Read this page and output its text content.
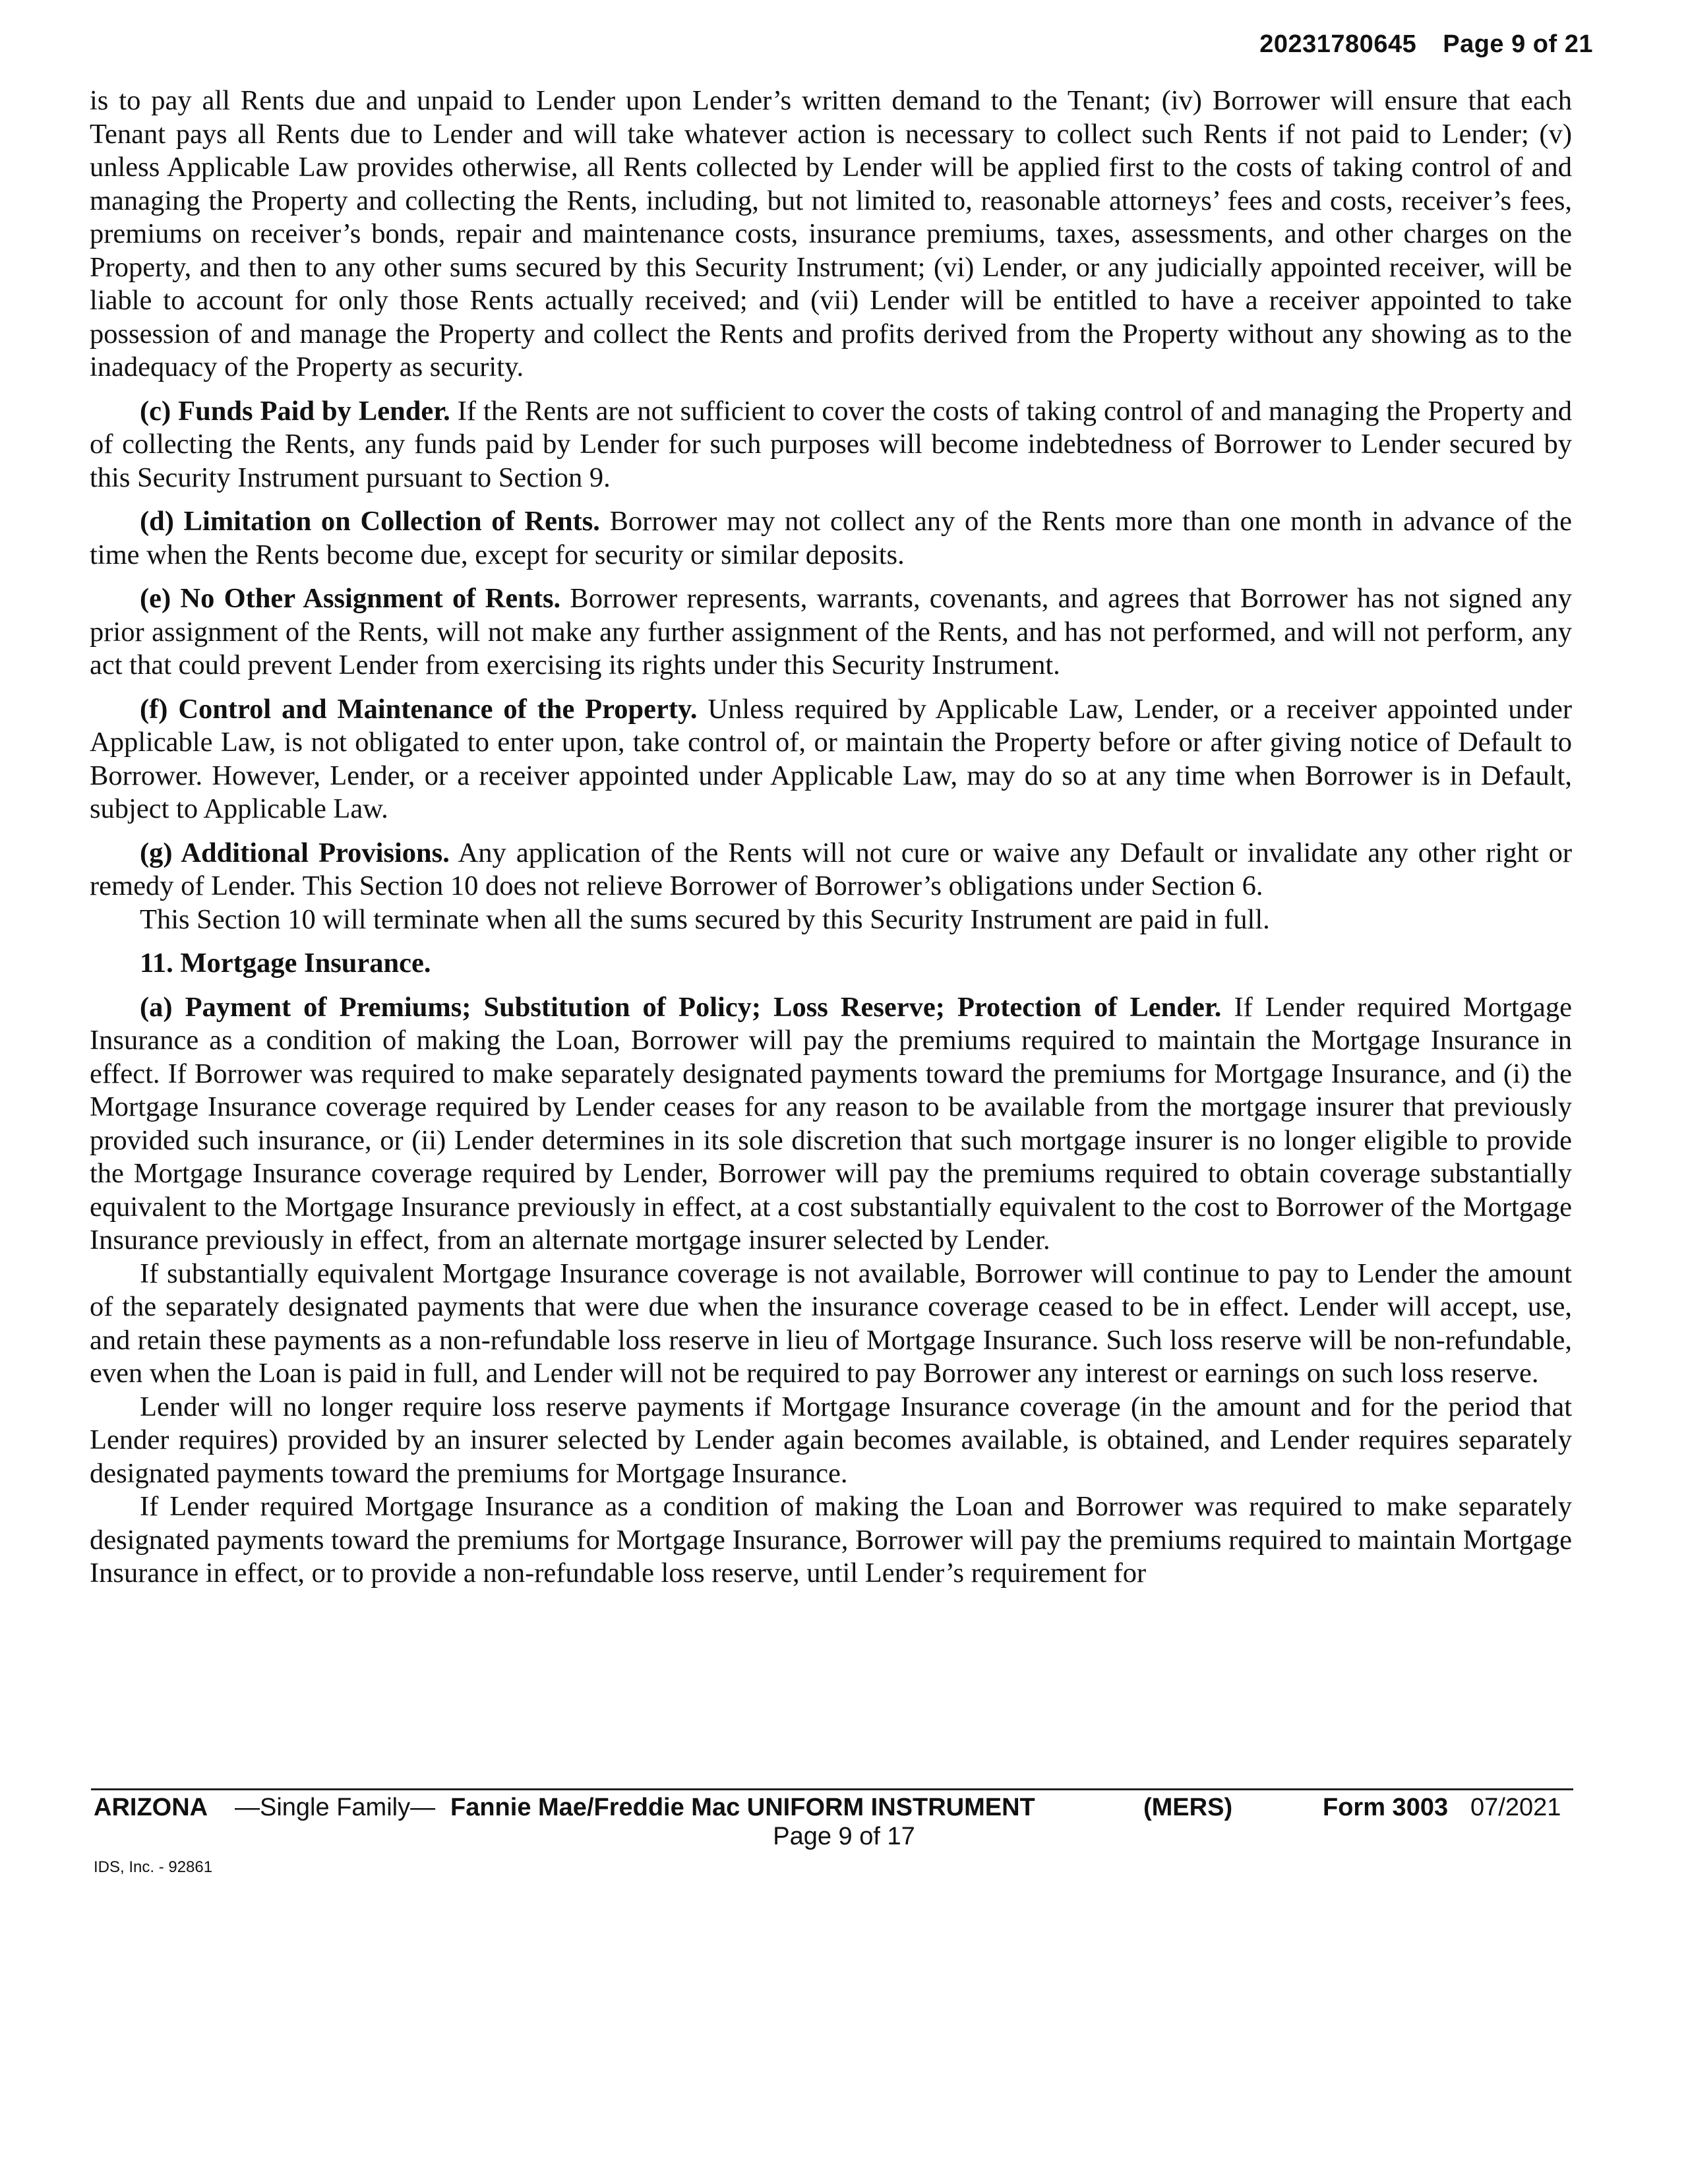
20231780645 Page 9 of 21

is to pay all Rents due and unpaid to Lender upon Lender’s written demand to the Tenant; (iv) Borrower will ensure that each Tenant pays all Rents due to Lender and will take whatever action is necessary to collect such Rents if not paid to Lender; (v) unless Applicable Law provides otherwise, all Rents collected by Lender will be applied first to the costs of taking control of and managing the Property and collecting the Rents, including, but not limited to, reasonable attorneys’ fees and costs, receiver’s fees, premiums on receiver’s bonds, repair and maintenance costs, insurance premiums, taxes, assessments, and other charges on the Property, and then to any other sums secured by this Security Instrument; (vi) Lender, or any judicially appointed receiver, will be liable to account for only those Rents actually received; and (vii) Lender will be entitled to have a receiver appointed to take possession of and manage the Property and collect the Rents and profits derived from the Property without any showing as to the inadequacy of the Property as security.

(c) Funds Paid by Lender. If the Rents are not sufficient to cover the costs of taking control of and managing the Property and of collecting the Rents, any funds paid by Lender for such purposes will become indebtedness of Borrower to Lender secured by this Security Instrument pursuant to Section 9.

(d) Limitation on Collection of Rents. Borrower may not collect any of the Rents more than one month in advance of the time when the Rents become due, except for security or similar deposits.

(e) No Other Assignment of Rents. Borrower represents, warrants, covenants, and agrees that Borrower has not signed any prior assignment of the Rents, will not make any further assignment of the Rents, and has not performed, and will not perform, any act that could prevent Lender from exercising its rights under this Security Instrument.

(f) Control and Maintenance of the Property. Unless required by Applicable Law, Lender, or a receiver appointed under Applicable Law, is not obligated to enter upon, take control of, or maintain the Property before or after giving notice of Default to Borrower. However, Lender, or a receiver appointed under Applicable Law, may do so at any time when Borrower is in Default, subject to Applicable Law.

(g) Additional Provisions. Any application of the Rents will not cure or waive any Default or invalidate any other right or remedy of Lender. This Section 10 does not relieve Borrower of Borrower’s obligations under Section 6.

This Section 10 will terminate when all the sums secured by this Security Instrument are paid in full.

11. Mortgage Insurance.

(a) Payment of Premiums; Substitution of Policy; Loss Reserve; Protection of Lender. If Lender required Mortgage Insurance as a condition of making the Loan, Borrower will pay the premiums required to maintain the Mortgage Insurance in effect. If Borrower was required to make separately designated payments toward the premiums for Mortgage Insurance, and (i) the Mortgage Insurance coverage required by Lender ceases for any reason to be available from the mortgage insurer that previously provided such insurance, or (ii) Lender determines in its sole discretion that such mortgage insurer is no longer eligible to provide the Mortgage Insurance coverage required by Lender, Borrower will pay the premiums required to obtain coverage substantially equivalent to the Mortgage Insurance previously in effect, at a cost substantially equivalent to the cost to Borrower of the Mortgage Insurance previously in effect, from an alternate mortgage insurer selected by Lender.

If substantially equivalent Mortgage Insurance coverage is not available, Borrower will continue to pay to Lender the amount of the separately designated payments that were due when the insurance coverage ceased to be in effect. Lender will accept, use, and retain these payments as a non-refundable loss reserve in lieu of Mortgage Insurance. Such loss reserve will be non-refundable, even when the Loan is paid in full, and Lender will not be required to pay Borrower any interest or earnings on such loss reserve.

Lender will no longer require loss reserve payments if Mortgage Insurance coverage (in the amount and for the period that Lender requires) provided by an insurer selected by Lender again becomes available, is obtained, and Lender requires separately designated payments toward the premiums for Mortgage Insurance.

If Lender required Mortgage Insurance as a condition of making the Loan and Borrower was required to make separately designated payments toward the premiums for Mortgage Insurance, Borrower will pay the premiums required to maintain Mortgage Insurance in effect, or to provide a non-refundable loss reserve, until Lender’s requirement for

ARIZONA —Single Family— Fannie Mae/Freddie Mac UNIFORM INSTRUMENT	(MERS)	Form 3003 07/2021
Page 9 of 17
IDS, Inc. - 92861
